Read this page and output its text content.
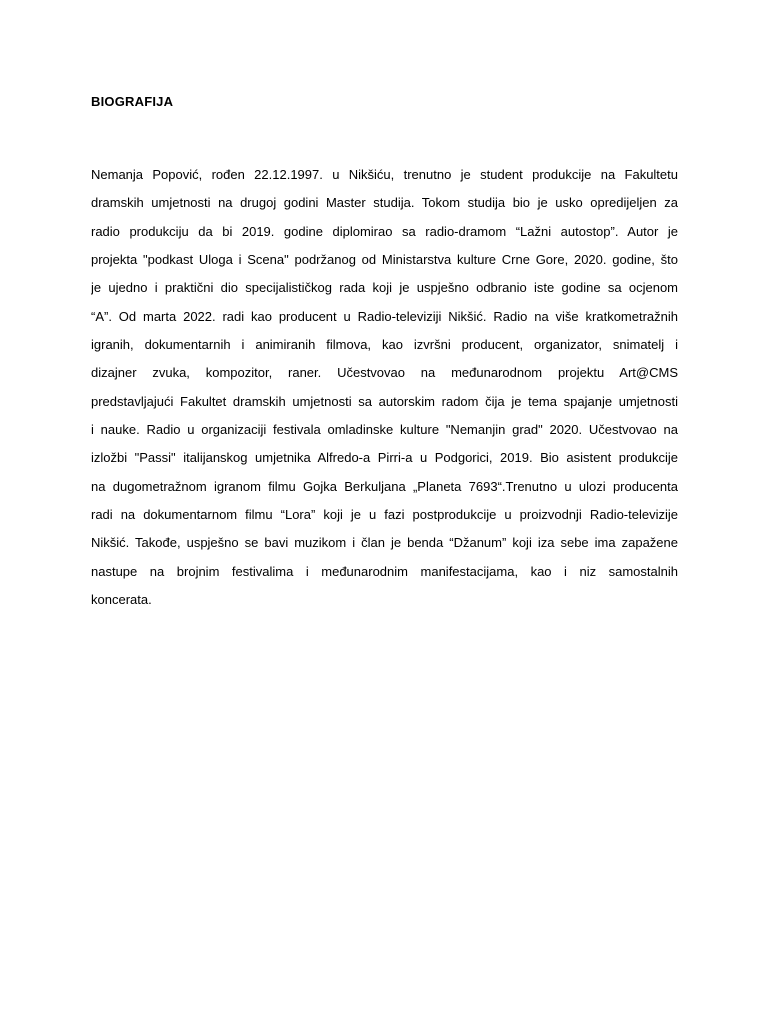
BIOGRAFIJA
Nemanja Popović, rođen 22.12.1997. u Nikšiću, trenutno je student produkcije na Fakultetu
dramskih umjetnosti na drugoj godini Master studija. Tokom studija bio je usko opredijeljen za
radio produkciju da bi 2019. godine diplomirao sa radio-dramom “Lažni autostop”. Autor je
projekta "podkast Uloga i Scena" podržanog od Ministarstva kulture Crne Gore, 2020. godine, što
je ujedno i praktični dio specijalističkog rada koji je uspješno odbranio iste godine sa ocjenom
“A”. Od marta 2022. radi kao producent u Radio-televiziji Nikšić. Radio na više kratkometražnih
igranih, dokumentarnih i animiranih filmova, kao izvršni producent, organizator, snimatelj i
dizajner zvuka, kompozitor, raner. Učestvovao na međunarodnom projektu Art@CMS
predstavljajući Fakultet dramskih umjetnosti sa autorskim radom čija je tema spajanje umjetnosti
i nauke. Radio u organizaciji festivala omladinske kulture "Nemanjin grad" 2020. Učestvovao na
izložbi "Passi" italijanskog umjetnika Alfredo-a Pirri-a u Podgorici, 2019. Bio asistent produkcije
na dugometražnom igranom filmu Gojka Berkuljana „Planeta 7693“.Trenutno u ulozi producenta
radi na dokumentarnom filmu “Lora” koji je u fazi postprodukcije u proizvodnji Radio-televizije
Nikšić. Takođe, uspješno se bavi muzikom i član je benda “Džanum” koji iza sebe ima zapažene
nastupe na brojnim festivalima i međunarodnim manifestacijama, kao i niz samostalnih
koncerata.
